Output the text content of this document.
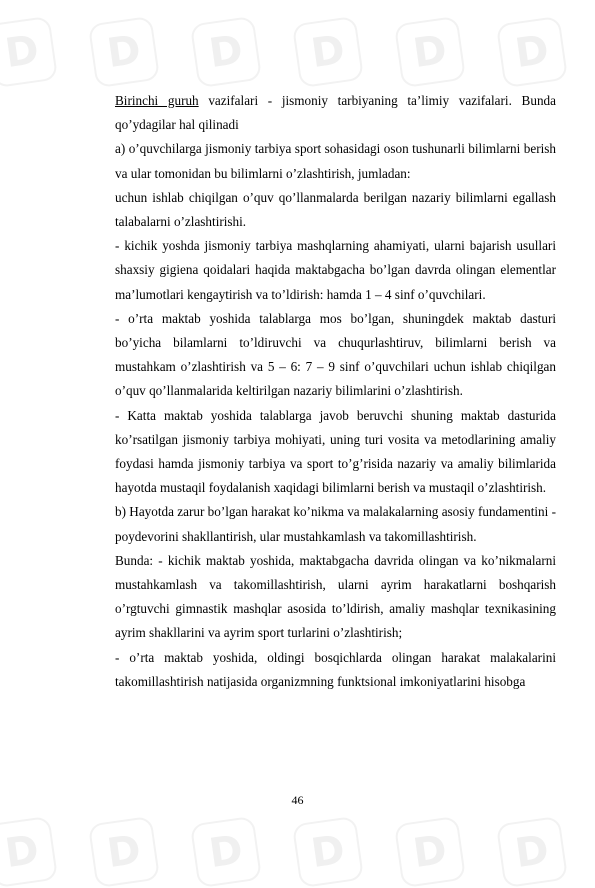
D	D	D	D	D	D
D	D	D	D	D	D

Birinchi guruh vazifalari - jismoniy tarbiyaning ta’limiy vazifalari. Bunda qo’ydagilar hal qilinadi

a) o’quvchilarga jismoniy tarbiya sport sohasidagi oson tushunarli bilimlarni berish va ular tomonidan bu bilimlarni o’zlashtirish, jumladan:

uchun ishlab chiqilgan o’quv qo’llanmalarda berilgan nazariy bilimlarni egallash talabalarni o’zlashtirishi.

- kichik yoshda jismoniy tarbiya mashqlarning ahamiyati, ularni bajarish usullari shaxsiy gigiena qoidalari haqida maktabgacha bo’lgan davrda olingan elementlar ma’lumotlari kengaytirish va to’ldirish: hamda 1 – 4 sinf o’quvchilari.

- o’rta maktab yoshida talablarga mos bo’lgan, shuningdek maktab dasturi bo’yicha bilamlarni to’ldiruvchi va chuqurlashtiruv, bilimlarni berish va mustahkam o’zlashtirish va 5 – 6: 7 – 9 sinf o’quvchilari uchun ishlab chiqilgan o’quv qo’llanmalarida keltirilgan nazariy bilimlarini o’zlashtirish.

- Katta maktab yoshida talablarga javob beruvchi shuning maktab dasturida ko’rsatilgan jismoniy tarbiya mohiyati, uning turi vosita va metodlarining amaliy foydasi hamda jismoniy tarbiya va sport to’g’risida nazariy va amaliy bilimlarida hayotda mustaqil foydalanish xaqidagi bilimlarni berish va mustaqil o’zlashtirish.

b) Hayotda zarur bo’lgan harakat ko’nikma va malakalarning asosiy fundamentini - poydevorini shakllantirish, ular mustahkamlash va takomillashtirish.

Bunda: - kichik maktab yoshida, maktabgacha davrida olingan va ko’nikmalarni mustahkamlash va takomillashtirish, ularni ayrim harakatlarni boshqarish o’rgtuvchi gimnastik mashqlar asosida to’ldirish, amaliy mashqlar texnikasining ayrim shakllarini va ayrim sport turlarini o’zlashtirish;

- o’rta maktab yoshida, oldingi bosqichlarda olingan harakat malakalarini takomillashtirish natijasida organizmning funktsional imkoniyatlarini hisobga

46
